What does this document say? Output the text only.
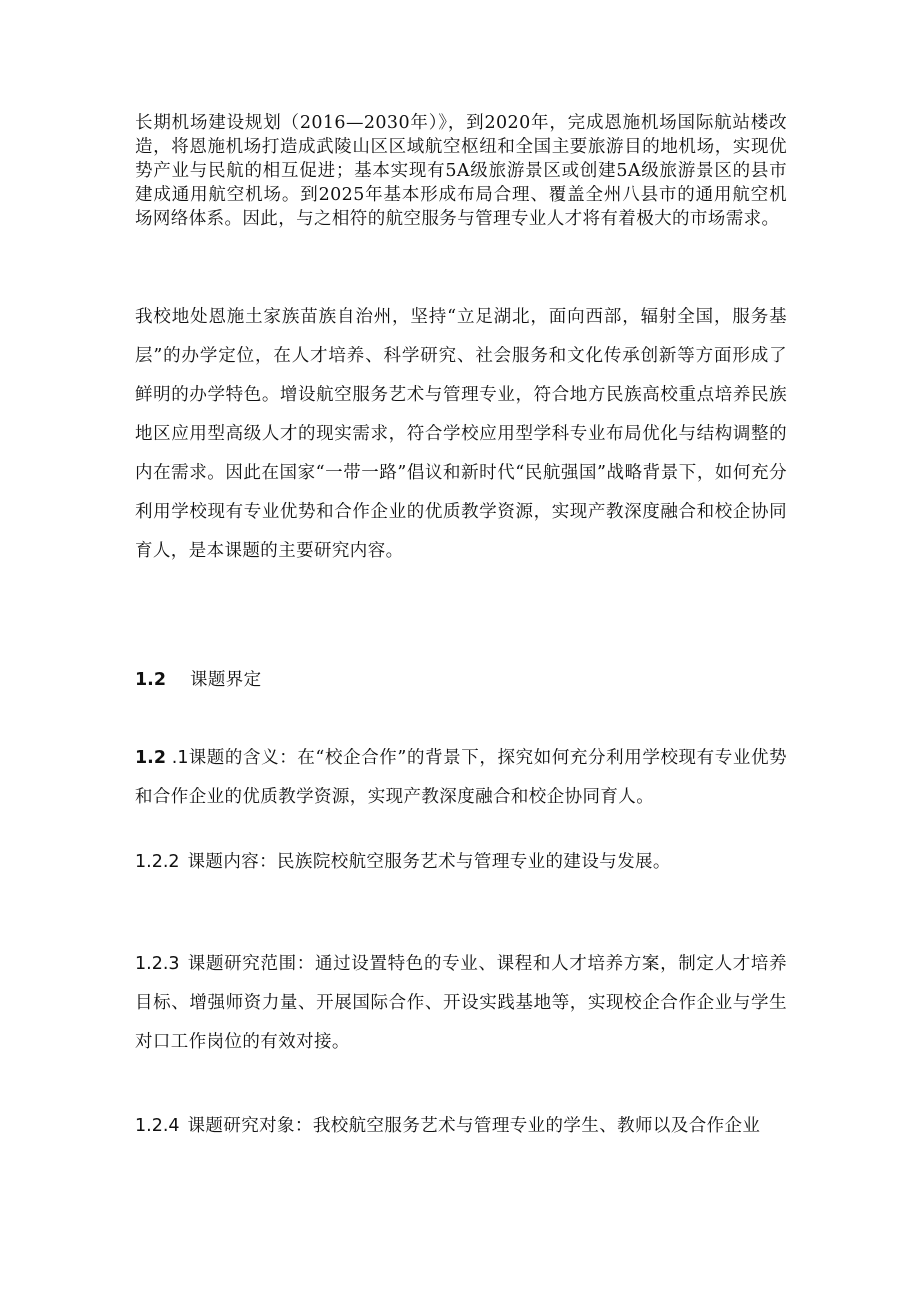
长期机场建设规划（2016—2030年）》，到2020年，完成恩施机场国际航站楼改造，将恩施机场打造成武陵山区区域航空枢纽和全国主要旅游目的地机场，实现优势产业与民航的相互促进；基本实现有5A级旅游景区或创建5A级旅游景区的县市建成通用航空机场。到2025年基本形成布局合理、覆盖全州八县市的通用航空机场网络体系。因此，与之相符的航空服务与管理专业人才将有着极大的市场需求。

我校地处恩施土家族苗族自治州，坚持“立足湖北，面向西部，辐射全国，服务基层”的办学定位，在人才培养、科学研究、社会服务和文化传承创新等方面形成了鲜明的办学特色。增设航空服务艺术与管理专业，符合地方民族高校重点培养民族地区应用型高级人才的现实需求，符合学校应用型学科专业布局优化与结构调整的内在需求。因此在国家“一带一路”倡议和新时代“民航强国”战略背景下，如何充分利用学校现有专业优势和合作企业的优质教学资源，实现产教深度融合和校企协同育人，是本课题的主要研究内容。

1.2 课题界定

1.2 .1课题的含义：在“校企合作”的背景下，探究如何充分利用学校现有专业优势和合作企业的优质教学资源，实现产教深度融合和校企协同育人。

1.2.2 课题内容：民族院校航空服务艺术与管理专业的建设与发展。

1.2.3 课题研究范围：通过设置特色的专业、课程和人才培养方案，制定人才培养目标、增强师资力量、开展国际合作、开设实践基地等，实现校企合作企业与学生对口工作岗位的有效对接。

1.2.4 课题研究对象：我校航空服务艺术与管理专业的学生、教师以及合作企业
